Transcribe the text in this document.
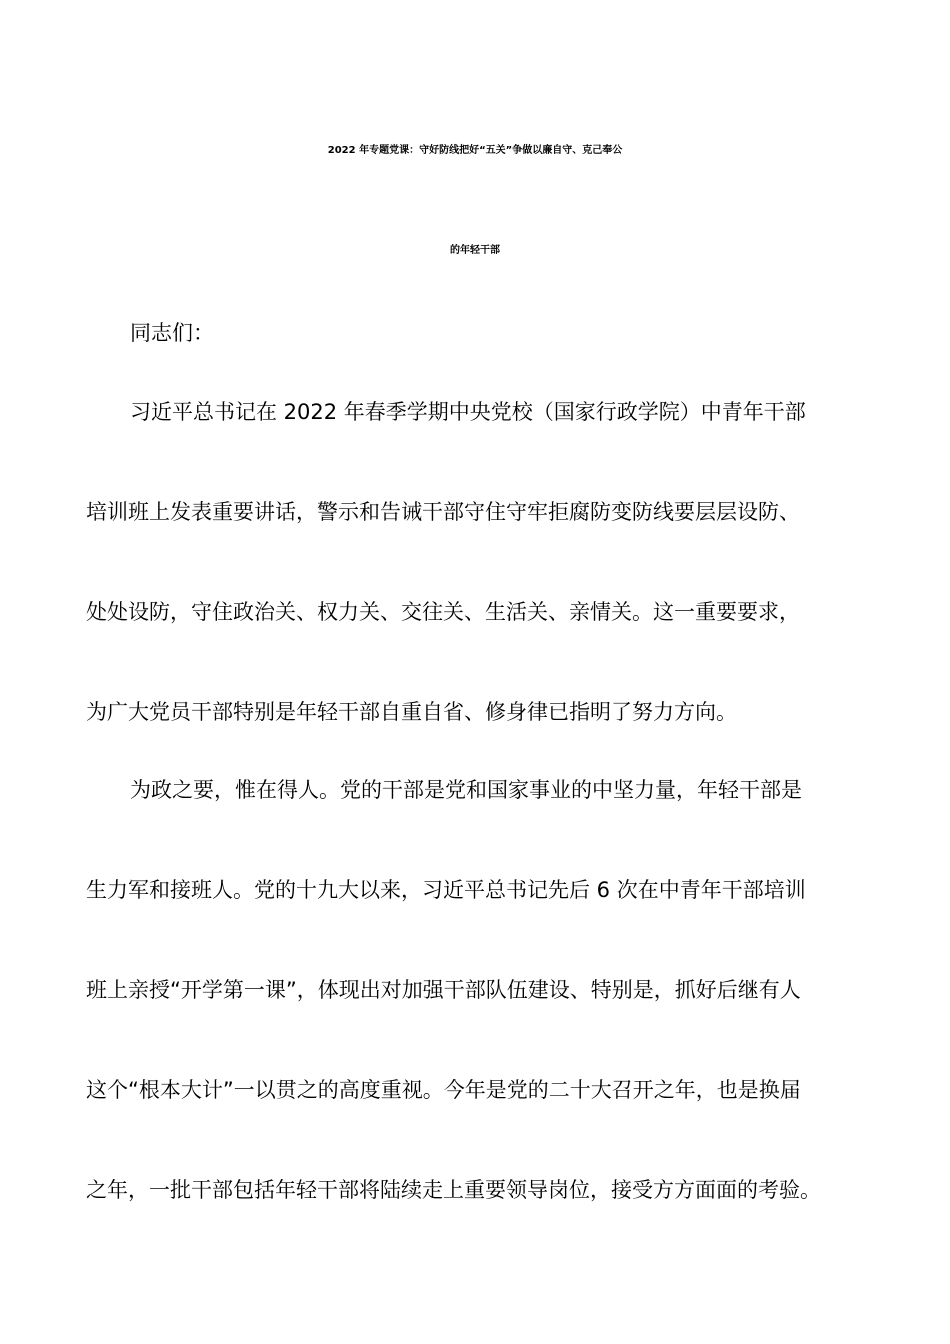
2022 年专题党课：守好防线把好“五关”争做以廉自守、克己奉公
的年轻干部
同志们：
习近平总书记在 2022 年春季学期中央党校（国家行政学院）中青年干部
培训班上发表重要讲话，警示和告诫干部守住守牢拒腐防变防线要层层设防、
处处设防，守住政治关、权力关、交往关、生活关、亲情关。这一重要要求，
为广大党员干部特别是年轻干部自重自省、修身律已指明了努力方向。
为政之要，惟在得人。党的干部是党和国家事业的中坚力量，年轻干部是
生力军和接班人。党的十九大以来，习近平总书记先后 6 次在中青年干部培训
班上亲授“开学第一课”，体现出对加强干部队伍建设、特别是，抓好后继有人
这个“根本大计”一以贯之的高度重视。今年是党的二十大召开之年，也是换届
之年，一批干部包括年轻干部将陆续走上重要领导岗位，接受方方面面的考验。
